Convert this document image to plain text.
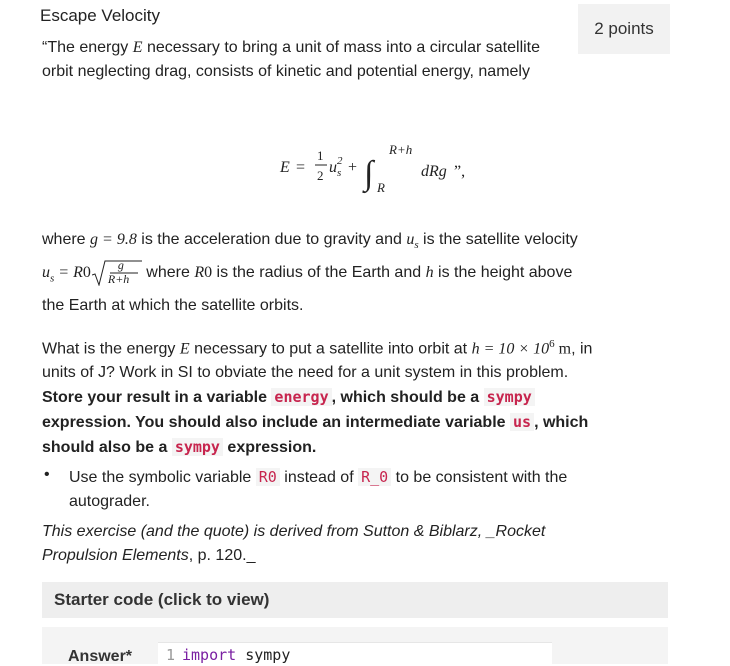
Escape Velocity
2 points
“The energy E necessary to bring a unit of mass into a circular satellite orbit neglecting drag, consists of kinetic and potential energy, namely
E =
1
2 u 2
s + ∫
R+h
R
dRg ”,
where g = 9.8 is the acceleration due to gravity and $u_s$ is the satellite velocity
$u_s = R0$ g
R+h where R0 is the radius of the Earth and h is the height above
the Earth at which the satellite orbits.
What is the energy E necessary to put a satellite into orbit at $h = 10 \times 10^6$ m, in
units of J? Work in SI to obviate the need for a unit system in this problem.
Store your result in a variable energy , which should be a sympy
expression. You should also include an intermediate variable us , which
should also be a sympy expression.
• Use the symbolic variable R0 instead of R_0 to be consistent with the
autograder.
This exercise (and the quote) is derived from Sutton & Biblarz, _Rocket
Propulsion Elements, p. 120._
Starter code (click to view)
Answer* 1 import sympy
